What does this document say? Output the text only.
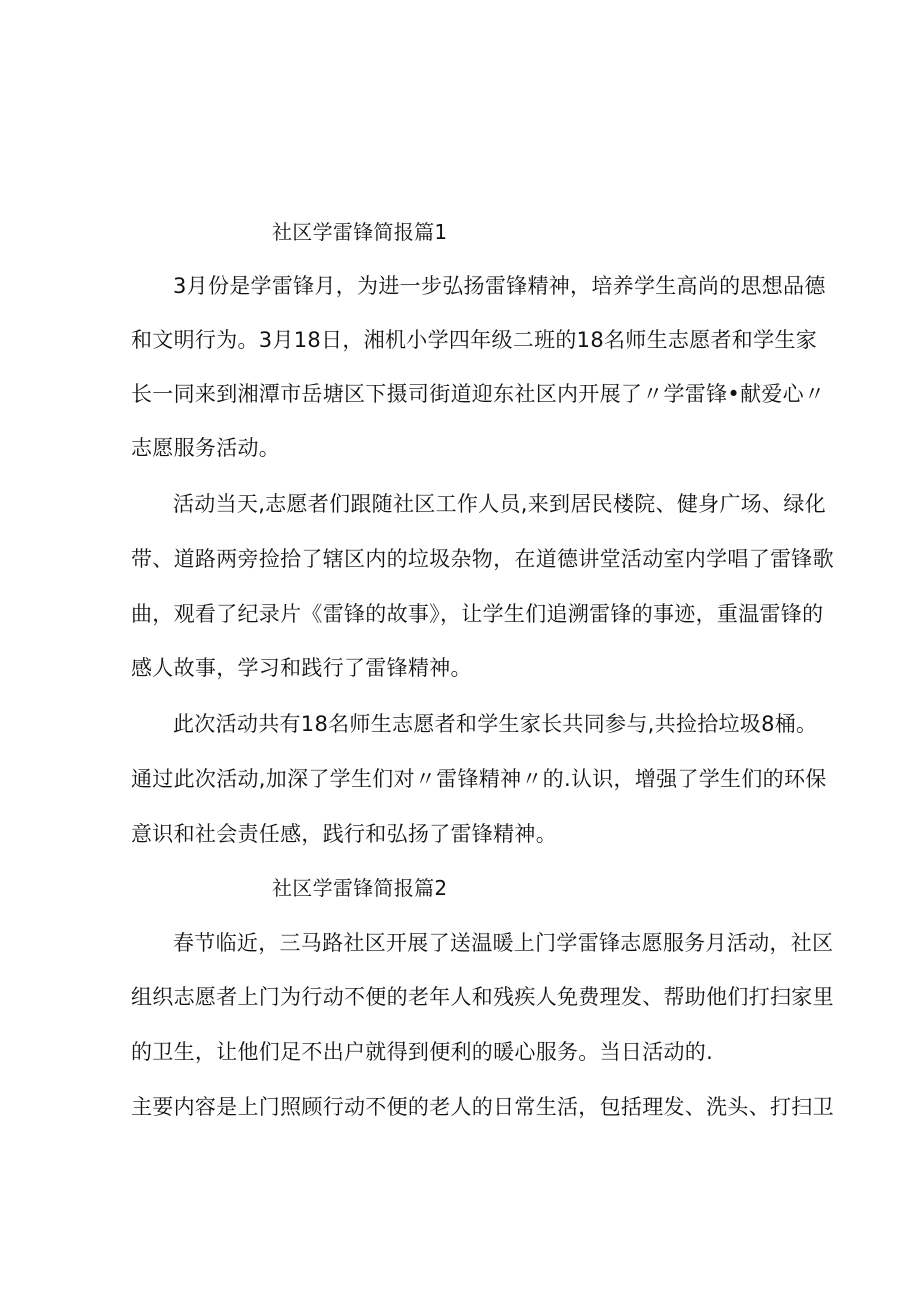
社区学雷锋简报篇1
3月份是学雷锋月，为进一步弘扬雷锋精神，培养学生高尚的思想品德
和文明行为。3月18日，湘机小学四年级二班的18名师生志愿者和学生家
长一同来到湘潭市岳塘区下摄司街道迎东社区内开展了〃学雷锋•献爱心〃
志愿服务活动。
活动当天,志愿者们跟随社区工作人员,来到居民楼院、健身广场、绿化
带、道路两旁捡拾了辖区内的垃圾杂物，在道德讲堂活动室内学唱了雷锋歌
曲，观看了纪录片《雷锋的故事》，让学生们追溯雷锋的事迹，重温雷锋的
感人故事，学习和践行了雷锋精神。
此次活动共有18名师生志愿者和学生家长共同参与,共捡拾垃圾8桶。
通过此次活动,加深了学生们对〃雷锋精神〃的.认识，增强了学生们的环保
意识和社会责任感，践行和弘扬了雷锋精神。
社区学雷锋简报篇2
春节临近，三马路社区开展了送温暖上门学雷锋志愿服务月活动，社区
组织志愿者上门为行动不便的老年人和残疾人免费理发、帮助他们打扫家里
的卫生，让他们足不出户就得到便利的暖心服务。当日活动的.
主要内容是上门照顾行动不便的老人的日常生活，包括理发、洗头、打扫卫
